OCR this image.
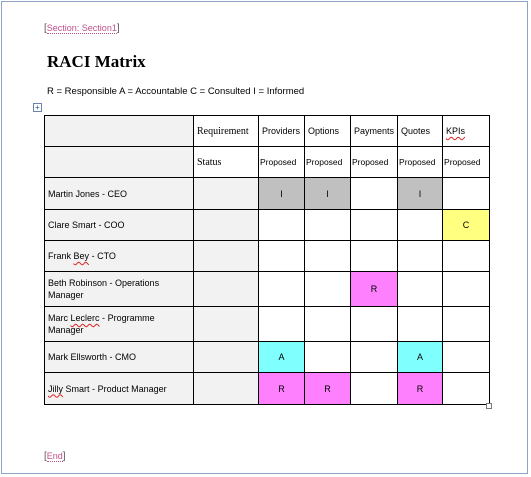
[Section: Section1]
RACI Matrix
R = Responsible A = Accountable C = Consulted I = Informed
+
	Requirement	Providers	Options	Payments	Quotes	KPIs
	Status	Proposed	Proposed	Proposed	Proposed	Proposed
Martin Jones - CEO		I	I		I	
Clare Smart - COO						C
Frank Bey - CTO						
Beth Robinson - Operations Manager				R		
Marc Leclerc - Programme Manager						
Mark Ellsworth - CMO		A			A	
Jilly Smart - Product Manager		R	R		R	
[End]
